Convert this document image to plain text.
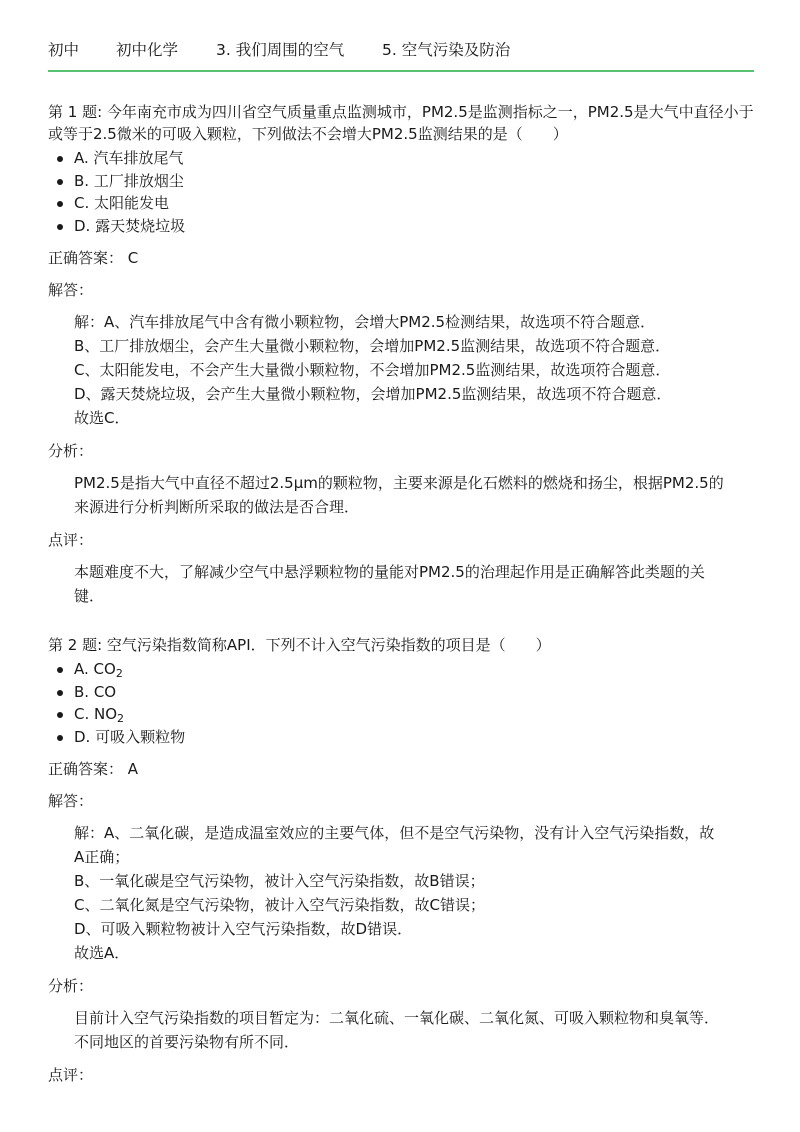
初中	初中化学	3. 我们周围的空气	5. 空气污染及防治

第 1 题: 今年南充市成为四川省空气质量重点监测城市，PM2.5是监测指标之一，PM2.5是大气中直径小于或等于2.5微米的可吸入颗粒，下列做法不会增大PM2.5监测结果的是（　　）

A. 汽车排放尾气
B. 工厂排放烟尘
C. 太阳能发电
D. 露天焚烧垃圾

正确答案： C

解答：

解：A、汽车排放尾气中含有微小颗粒物，会增大PM2.5检测结果，故选项不符合题意．

B、工厂排放烟尘，会产生大量微小颗粒物，会增加PM2.5监测结果，故选项不符合题意．

C、太阳能发电，不会产生大量微小颗粒物，不会增加PM2.5监测结果，故选项符合题意．

D、露天焚烧垃圾，会产生大量微小颗粒物，会增加PM2.5监测结果，故选项不符合题意．

故选C．

分析：

PM2.5是指大气中直径不超过2.5μm的颗粒物，主要来源是化石燃料的燃烧和扬尘，根据PM2.5的来源进行分析判断所采取的做法是否合理．

点评：

本题难度不大，了解减少空气中悬浮颗粒物的量能对PM2.5的治理起作用是正确解答此类题的关键．

第 2 题: 空气污染指数简称API．下列不计入空气污染指数的项目是（　　）

A. $CO_2$
B. CO
C. $NO_2$
D. 可吸入颗粒物

正确答案： A

解答：

解：A、二氧化碳，是造成温室效应的主要气体，但不是空气污染物，没有计入空气污染指数，故A正确；

B、一氧化碳是空气污染物，被计入空气污染指数，故B错误；

C、二氧化氮是空气污染物，被计入空气污染指数，故C错误；

D、可吸入颗粒物被计入空气污染指数，故D错误．

故选A．

分析：

目前计入空气污染指数的项目暂定为：二氧化硫、一氧化碳、二氧化氮、可吸入颗粒物和臭氧等．不同地区的首要污染物有所不同．

点评：
